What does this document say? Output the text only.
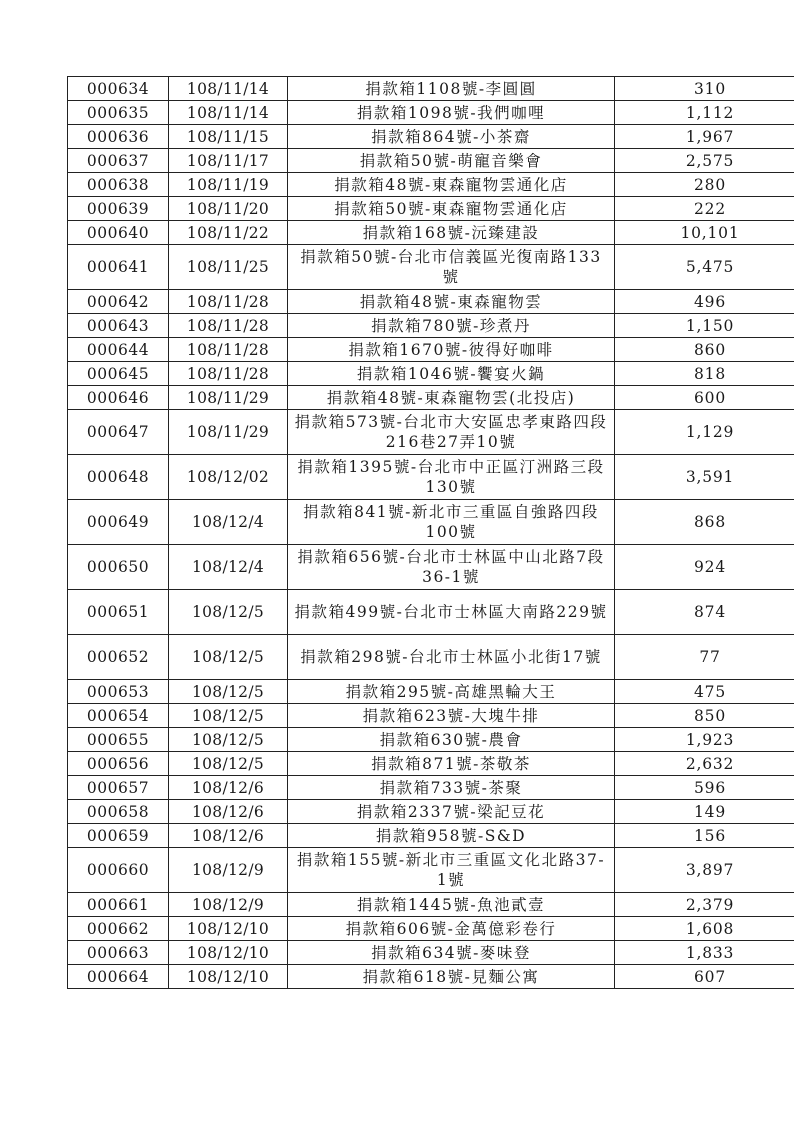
000634	108/11/14	捐款箱1108號-李圓圓	310
000635	108/11/14	捐款箱1098號-我們咖哩	1,112
000636	108/11/15	捐款箱864號-小茶齋	1,967
000637	108/11/17	捐款箱50號-萌寵音樂會	2,575
000638	108/11/19	捐款箱48號-東森寵物雲通化店	280
000639	108/11/20	捐款箱50號-東森寵物雲通化店	222
000640	108/11/22	捐款箱168號-沅臻建設	10,101
000641	108/11/25	捐款箱50號-台北市信義區光復南路133號	5,475
000642	108/11/28	捐款箱48號-東森寵物雲	496
000643	108/11/28	捐款箱780號-珍煮丹	1,150
000644	108/11/28	捐款箱1670號-彼得好咖啡	860
000645	108/11/28	捐款箱1046號-饗宴火鍋	818
000646	108/11/29	捐款箱48號-東森寵物雲(北投店)	600
000647	108/11/29	捐款箱573號-台北市大安區忠孝東路四段216巷27弄10號	1,129
000648	108/12/02	捐款箱1395號-台北市中正區汀洲路三段130號	3,591
000649	108/12/4	捐款箱841號-新北市三重區自強路四段100號	868
000650	108/12/4	捐款箱656號-台北市士林區中山北路7段36-1號	924
000651	108/12/5	捐款箱499號-台北市士林區大南路229號	874
000652	108/12/5	捐款箱298號-台北市士林區小北街17號	77
000653	108/12/5	捐款箱295號-高雄黑輪大王	475
000654	108/12/5	捐款箱623號-大塊牛排	850
000655	108/12/5	捐款箱630號-農會	1,923
000656	108/12/5	捐款箱871號-茶敬茶	2,632
000657	108/12/6	捐款箱733號-茶聚	596
000658	108/12/6	捐款箱2337號-梁記豆花	149
000659	108/12/6	捐款箱958號-S&D	156
000660	108/12/9	捐款箱155號-新北市三重區文化北路37-1號	3,897
000661	108/12/9	捐款箱1445號-魚池貳壹	2,379
000662	108/12/10	捐款箱606號-金萬億彩卷行	1,608
000663	108/12/10	捐款箱634號-麥味登	1,833
000664	108/12/10	捐款箱618號-見麵公寓	607
